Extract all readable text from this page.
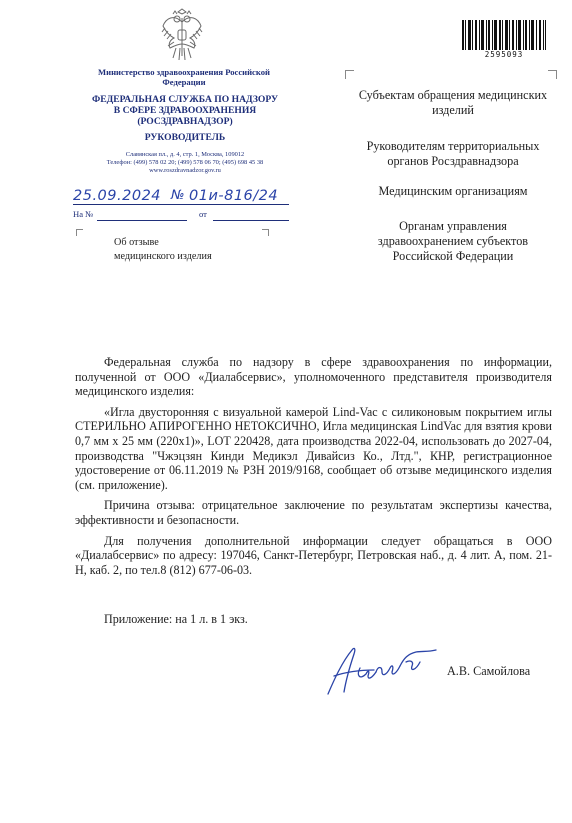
Министерство здравоохранения Российской Федерации
ФЕДЕРАЛЬНАЯ СЛУЖБА ПО НАДЗОРУ
В СФЕРЕ ЗДРАВООХРАНЕНИЯ
(РОСЗДРАВНАДЗОР)
РУКОВОДИТЕЛЬ
Славянская пл., д. 4, стр. 1, Москва, 109012
Телефон: (499) 578 02 20; (499) 578 06 70; (495) 698 45 38
www.roszdravnadzor.gov.ru
25.09.2024 № 01и-816/24
На №	от
Об отзыве
медицинского изделия
2595093
Субъектам обращения медицинских изделий
Руководителям территориальных органов Росздравнадзора
Медицинским организациям
Органам управления здравоохранением субъектов Российской Федерации

Федеральная служба по надзору в сфере здравоохранения по информации, полученной от ООО «Диалабсервис», уполномоченного представителя производителя медицинского изделия:

«Игла двусторонняя с визуальной камерой Lind-Vac с силиконовым покрытием иглы СТЕРИЛЬНО АПИРОГЕННО НЕТОКСИЧНО, Игла медицинская LindVac для взятия крови 0,7 мм х 25 мм (220х1)», LOT 220428, дата производства 2022-04, использовать до 2027-04, производства "Чжэцзян Кинди Медикэл Дивайсиз Ко., Лтд.", КНР, регистрационное удостоверение от 06.11.2019 № РЗН 2019/9168, сообщает об отзыве медицинского изделия (см. приложение).

Причина отзыва: отрицательное заключение по результатам экспертизы качества, эффективности и безопасности.

Для получения дополнительной информации следует обращаться в ООО «Диалабсервис» по адресу: 197046, Санкт-Петербург, Петровская наб., д. 4 лит. А, пом. 21-Н, каб. 2, по тел.8 (812) 677-06-03.

Приложение: на 1 л. в 1 экз.
А.В. Самойлова
